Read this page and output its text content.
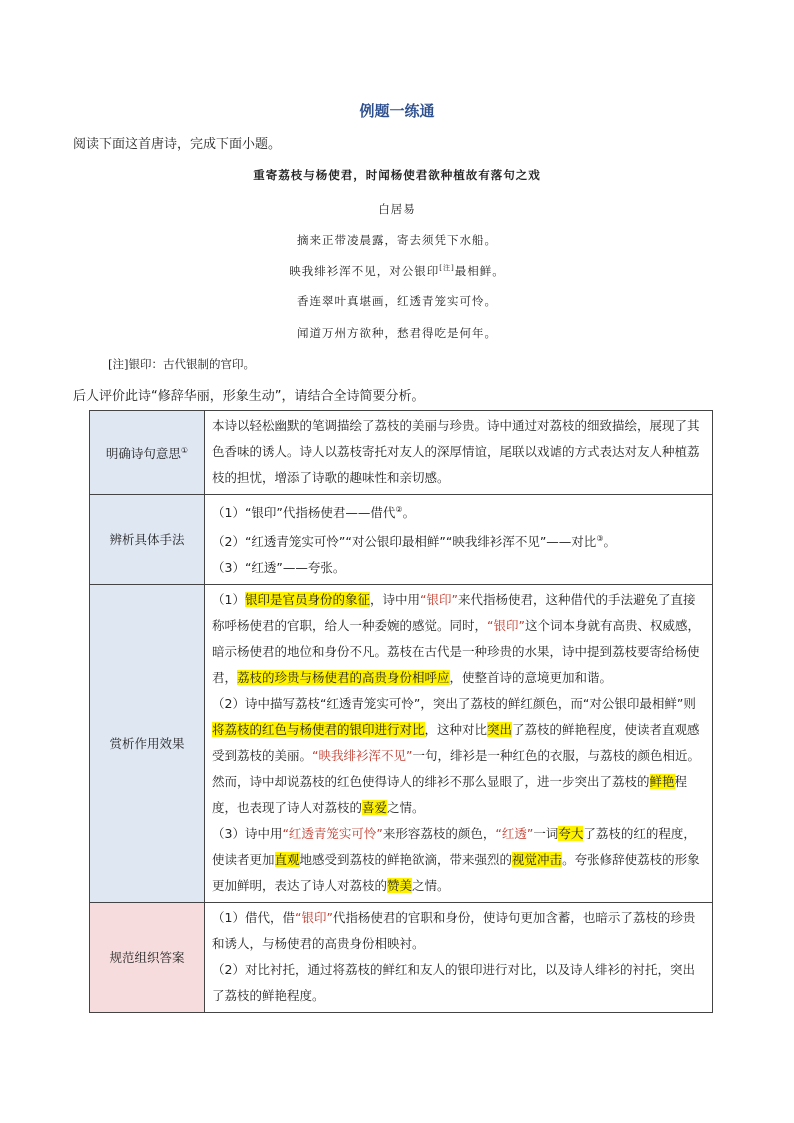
例题一练通
阅读下面这首唐诗，完成下面小题。
重寄荔枝与杨使君，时闻杨使君欲种植故有落句之戏
白居易
摘来正带凌晨露，寄去须凭下水船。
映我绯衫浑不见，对公银印[注]最相鲜。
香连翠叶真堪画，红透青笼实可怜。
闻道万州方欲种，愁君得吃是何年。
[注]银印：古代银制的官印。
后人评价此诗“修辞华丽，形象生动”，请结合全诗简要分析。
明确诗句意思①	本诗以轻松幽默的笔调描绘了荔枝的美丽与珍贵。诗中通过对荔枝的细致描绘，展现了其色香味的诱人。诗人以荔枝寄托对友人的深厚情谊，尾联以戏谑的方式表达对友人种植荔枝的担忧，增添了诗歌的趣味性和亲切感。
辨析具体手法	（1）“银印”代指杨使君——借代②。

（2）“红透青笼实可怜”“对公银印最相鲜”“映我绯衫浑不见”——对比③。

（3）“红透”——夸张。

赏析作用效果	（1）银印是官员身份的象征，诗中用“银印”来代指杨使君，这种借代的手法避免了直接称呼杨使君的官职，给人一种委婉的感觉。同时，“银印”这个词本身就有高贵、权威感，暗示杨使君的地位和身份不凡。荔枝在古代是一种珍贵的水果，诗中提到荔枝要寄给杨使君，荔枝的珍贵与杨使君的高贵身份相呼应，使整首诗的意境更加和谐。

（2）诗中描写荔枝“红透青笼实可怜”，突出了荔枝的鲜红颜色，而“对公银印最相鲜”则将荔枝的红色与杨使君的银印进行对比，这种对比突出了荔枝的鲜艳程度，使读者直观感受到荔枝的美丽。“映我绯衫浑不见”一句，绯衫是一种红色的衣服，与荔枝的颜色相近。然而，诗中却说荔枝的红色使得诗人的绯衫不那么显眼了，进一步突出了荔枝的鲜艳程度，也表现了诗人对荔枝的喜爱之情。

（3）诗中用“红透青笼实可怜”来形容荔枝的颜色，“红透”一词夸大了荔枝的红的程度，使读者更加直观地感受到荔枝的鲜艳欲滴，带来强烈的视觉冲击。夸张修辞使荔枝的形象更加鲜明，表达了诗人对荔枝的赞美之情。

规范组织答案	（1）借代，借“银印”代指杨使君的官职和身份，使诗句更加含蓄，也暗示了荔枝的珍贵和诱人，与杨使君的高贵身份相映衬。

（2）对比衬托，通过将荔枝的鲜红和友人的银印进行对比，以及诗人绯衫的衬托，突出了荔枝的鲜艳程度。
